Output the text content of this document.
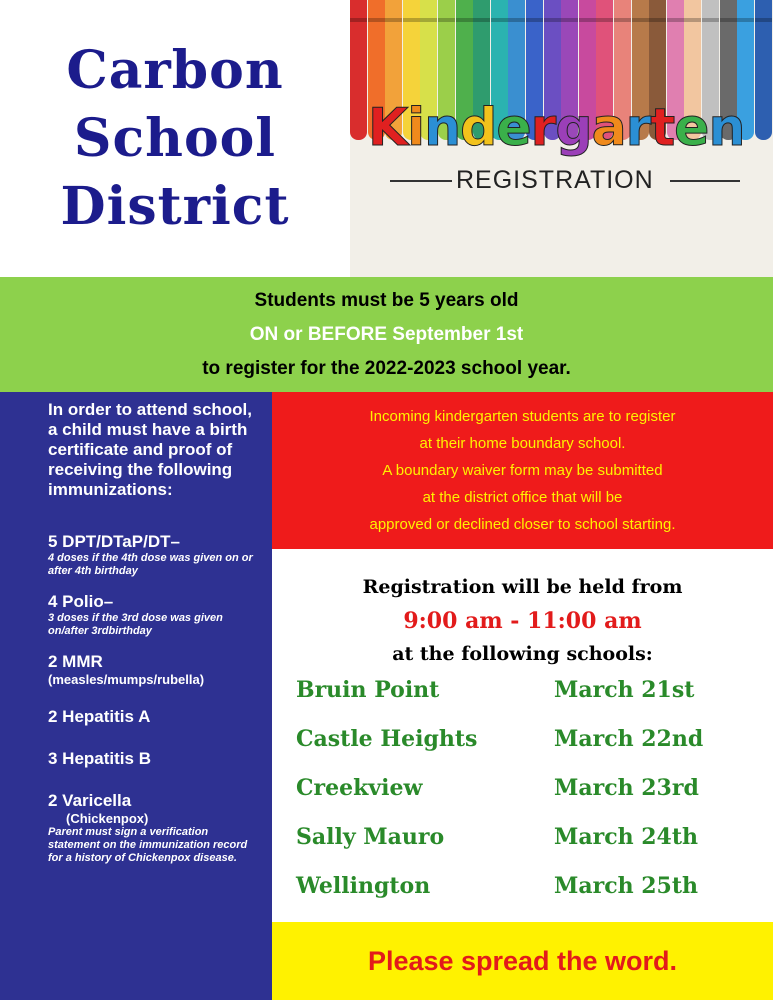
Carbon
School
District
Kindergarten
REGISTRATION
Students must be 5 years old
ON or BEFORE September 1st
to register for the 2022-2023 school year.

In order to attend school, a child must have a birth certificate and proof of receiving the following immunizations:

5 DPT/DTaP/DT–
4 doses if the 4th dose was given on or after 4th birthday
4 Polio–
3 doses if the 3rd dose was given on/after 3rdbirthday
2 MMR
(measles/mumps/rubella)
2 Hepatitis A
3 Hepatitis B
2 Varicella
(Chickenpox)
Parent must sign a verification statement on the immunization record for a history of Chickenpox disease.
Incoming kindergarten students are to register
at their home boundary school.
A boundary waiver form may be submitted
at the district office that will be
approved or declined closer to school starting.
Registration will be held from
9:00 am - 11:00 am
at the following schools:
Bruin Point	March 21st
Castle Heights	March 22nd
Creekview	March 23rd
Sally Mauro	March 24th
Wellington	March 25th
Please spread the word.
